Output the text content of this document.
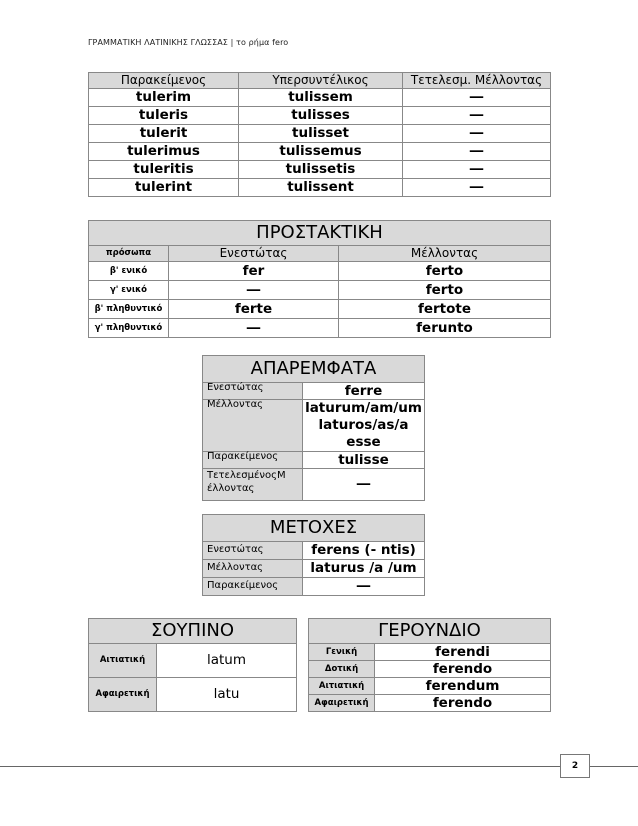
ΓΡΑΜΜΑΤΙΚΗ ΛΑΤΙΝΙΚΗΣ ΓΛΩΣΣΑΣ | το ρήμα fero
Παρακείμενος	Υπερσυντέλικος	Τετελεσμ. Μέλλοντας
tulerim	tulissem	―
tuleris	tulisses	―
tulerit	tulisset	―
tulerimus	tulissemus	―
tuleritis	tulissetis	―
tulerint	tulissent	―
ΠΡΟΣΤΑΚΤΙΚΗ		
πρόσωπα	Ενεστώτας	Μέλλοντας
β' ενικό	fer	ferto
γ' ενικό	―	ferto
β' πληθυντικό	ferte	fertote
γ' πληθυντικό	―	ferunto
ΑΠΑΡΕΜΦΑΤΑ	
Ενεστώτας	ferre
Μέλλοντας	laturum/am/um laturos/as/a esse
Παρακείμενος	tulisse
ΤετελεσμένοςΜ έλλοντας	―
ΜΕΤΟΧΕΣ	
Ενεστώτας	ferens (- ntis)
Μέλλοντας	laturus /a /um
Παρακείμενος	―
ΣΟΥΠΙΝΟ			ΓΕΡΟΥΝΔΙΟ	
Αιτιατική	latum		Γενική	ferendi
			Δοτική	ferendo
Αφαιρετική	latu		Αιτιατική	ferendum
			Αφαιρετική	ferendo
2
